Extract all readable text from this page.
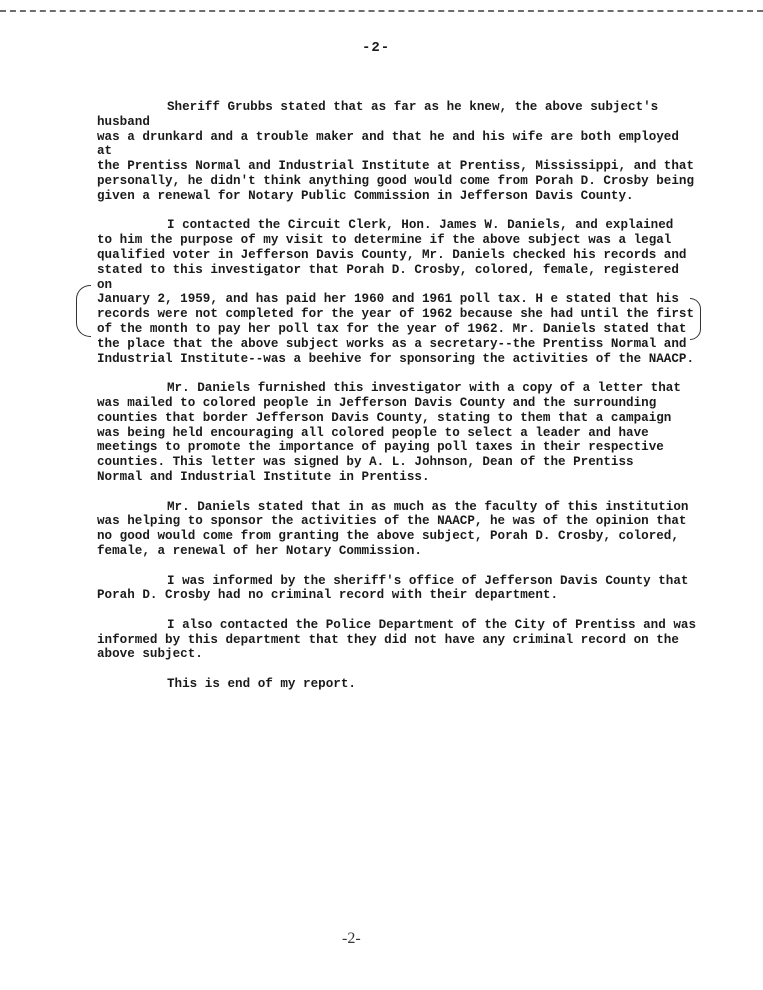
-2-

Sheriff Grubbs stated that as far as he knew, the above subject's husband
was a drunkard and a trouble maker and that he and his wife are both employed at
the Prentiss Normal and Industrial Institute at Prentiss, Mississippi, and that
personally, he didn't think anything good would come from Porah D. Crosby being
given a renewal for Notary Public Commission in Jefferson Davis County.

I contacted the Circuit Clerk, Hon. James W. Daniels, and explained
to him the purpose of my visit to determine if the above subject was a legal
qualified voter in Jefferson Davis County, Mr. Daniels checked his records and
stated to this investigator that Porah D. Crosby, colored, female, registered on
January 2, 1959, and has paid her 1960 and 1961 poll tax. H e stated that his
records were not completed for the year of 1962 because she had until the first
of the month to pay her poll tax for the year of 1962. Mr. Daniels stated that
the place that the above subject works as a secretary--the Prentiss Normal and
Industrial Institute--was a beehive for sponsoring the activities of the NAACP.

Mr. Daniels furnished this investigator with a copy of a letter that
was mailed to colored people in Jefferson Davis County and the surrounding
counties that border Jefferson Davis County, stating to them that a campaign
was being held encouraging all colored people to select a leader and have
meetings to promote the importance of paying poll taxes in their respective
counties. This letter was signed by A. L. Johnson, Dean of the Prentiss
Normal and Industrial Institute in Prentiss.

Mr. Daniels stated that in as much as the faculty of this institution
was helping to sponsor the activities of the NAACP, he was of the opinion that
no good would come from granting the above subject, Porah D. Crosby, colored,
female, a renewal of her Notary Commission.

I was informed by the sheriff's office of Jefferson Davis County that
Porah D. Crosby had no criminal record with their department.

I also contacted the Police Department of the City of Prentiss and was
informed by this department that they did not have any criminal record on the
above subject.

This is end of my report.

-2-
